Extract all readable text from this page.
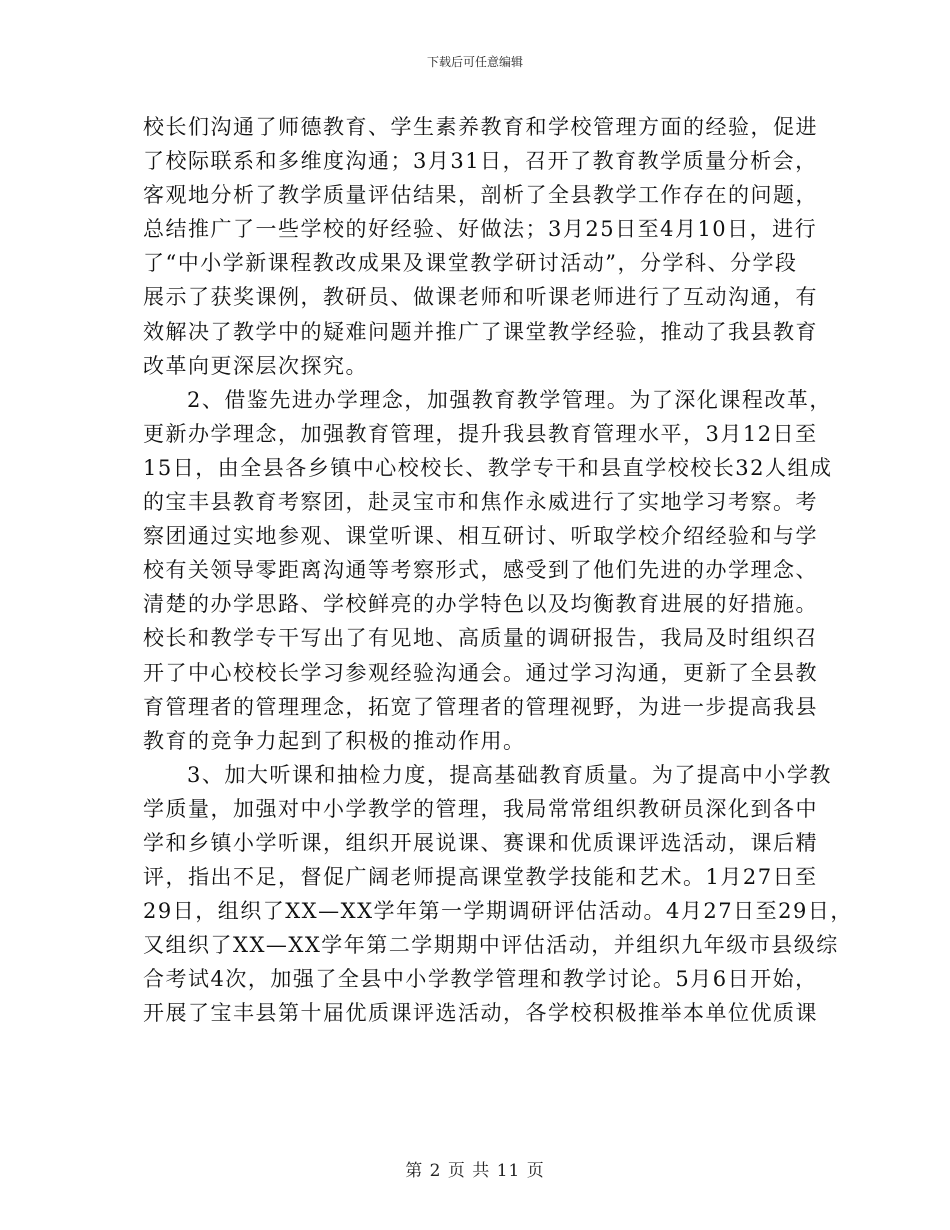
下载后可任意编辑
校长们沟通了师德教育、学生素养教育和学校管理方面的经验，促进
了校际联系和多维度沟通；3月31日，召开了教育教学质量分析会，
客观地分析了教学质量评估结果，剖析了全县教学工作存在的问题，
总结推广了一些学校的好经验、好做法；3月25日至4月10日，进行
了“中小学新课程教改成果及课堂教学研讨活动”，分学科、分学段
展示了获奖课例，教研员、做课老师和听课老师进行了互动沟通，有
效解决了教学中的疑难问题并推广了课堂教学经验，推动了我县教育
改革向更深层次探究。
2、借鉴先进办学理念，加强教育教学管理。为了深化课程改革，
更新办学理念，加强教育管理，提升我县教育管理水平，3月12日至
15日，由全县各乡镇中心校校长、教学专干和县直学校校长32人组成
的宝丰县教育考察团，赴灵宝市和焦作永威进行了实地学习考察。考
察团通过实地参观、课堂听课、相互研讨、听取学校介绍经验和与学
校有关领导零距离沟通等考察形式，感受到了他们先进的办学理念、
清楚的办学思路、学校鲜亮的办学特色以及均衡教育进展的好措施。
校长和教学专干写出了有见地、高质量的调研报告，我局及时组织召
开了中心校校长学习参观经验沟通会。通过学习沟通，更新了全县教
育管理者的管理理念，拓宽了管理者的管理视野，为进一步提高我县
教育的竞争力起到了积极的推动作用。
3、加大听课和抽检力度，提高基础教育质量。为了提高中小学教
学质量，加强对中小学教学的管理，我局常常组织教研员深化到各中
学和乡镇小学听课，组织开展说课、赛课和优质课评选活动，课后精
评，指出不足，督促广阔老师提高课堂教学技能和艺术。1月27日至
29日，组织了XX—XX学年第一学期调研评估活动。4月27日至29日，
又组织了XX—XX学年第二学期期中评估活动，并组织九年级市县级综
合考试4次，加强了全县中小学教学管理和教学讨论。5月6日开始，
开展了宝丰县第十届优质课评选活动，各学校积极推举本单位优质课
第 2 页 共 11 页
